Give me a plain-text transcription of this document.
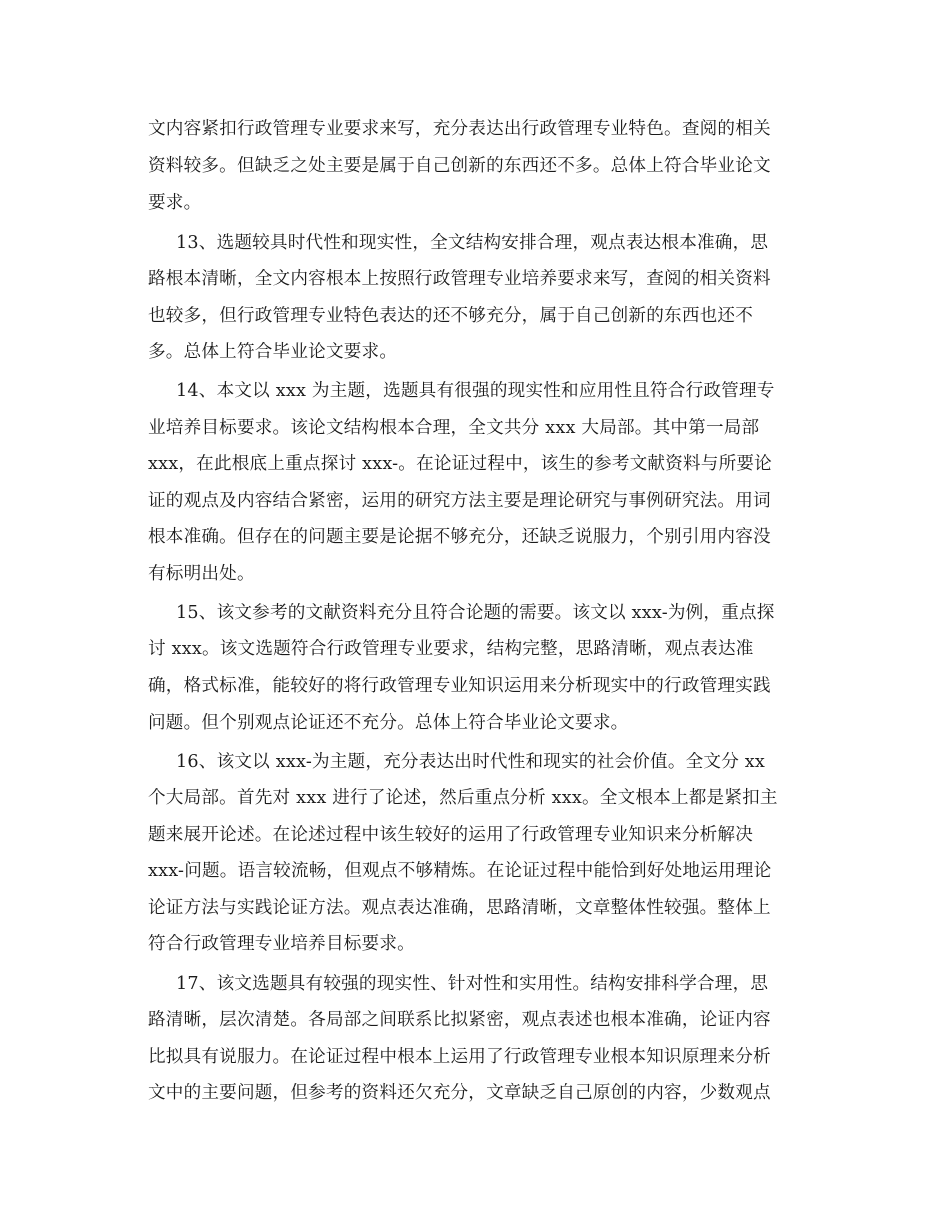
文内容紧扣行政管理专业要求来写，充分表达出行政管理专业特色。查阅的相关
资料较多。但缺乏之处主要是属于自己创新的东西还不多。总体上符合毕业论文
要求。
13、选题较具时代性和现实性，全文结构安排合理，观点表达根本准确，思
路根本清晰，全文内容根本上按照行政管理专业培养要求来写，查阅的相关资料
也较多，但行政管理专业特色表达的还不够充分，属于自己创新的东西也还不
多。总体上符合毕业论文要求。
14、本文以 xxx 为主题，选题具有很强的现实性和应用性且符合行政管理专
业培养目标要求。该论文结构根本合理，全文共分 xxx 大局部。其中第一局部
xxx，在此根底上重点探讨 xxx-。在论证过程中，该生的参考文献资料与所要论
证的观点及内容结合紧密，运用的研究方法主要是理论研究与事例研究法。用词
根本准确。但存在的问题主要是论据不够充分，还缺乏说服力，个别引用内容没
有标明出处。
15、该文参考的文献资料充分且符合论题的需要。该文以 xxx-为例，重点探
讨 xxx。该文选题符合行政管理专业要求，结构完整，思路清晰，观点表达准
确，格式标准，能较好的将行政管理专业知识运用来分析现实中的行政管理实践
问题。但个别观点论证还不充分。总体上符合毕业论文要求。
16、该文以 xxx-为主题，充分表达出时代性和现实的社会价值。全文分 xx
个大局部。首先对 xxx 进行了论述，然后重点分析 xxx。全文根本上都是紧扣主
题来展开论述。在论述过程中该生较好的运用了行政管理专业知识来分析解决
xxx-问题。语言较流畅，但观点不够精炼。在论证过程中能恰到好处地运用理论
论证方法与实践论证方法。观点表达准确，思路清晰，文章整体性较强。整体上
符合行政管理专业培养目标要求。
17、该文选题具有较强的现实性、针对性和实用性。结构安排科学合理，思
路清晰，层次清楚。各局部之间联系比拟紧密，观点表述也根本准确，论证内容
比拟具有说服力。在论证过程中根本上运用了行政管理专业根本知识原理来分析
文中的主要问题，但参考的资料还欠充分，文章缺乏自己原创的内容，少数观点
